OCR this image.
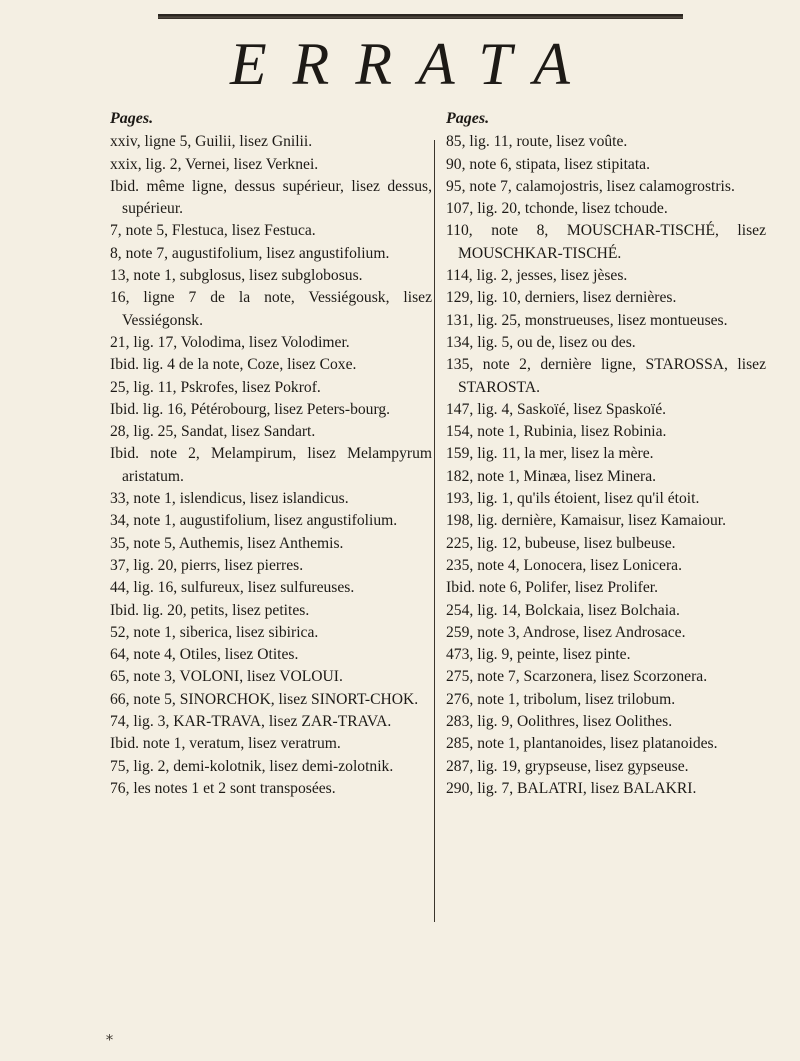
ERRATA
Pages.
xxiv, ligne 5, Guilii, lisez Gnilii.
xxix, lig. 2, Vernei, lisez Verknei.
Ibid. même ligne, dessus supérieur, lisez dessus, supérieur.
7, note 5, Flestuca, lisez Festuca.
8, note 7, augustifolium, lisez angustifolium.
13, note 1, subglosus, lisez subglobosus.
16, ligne 7 de la note, Vessiégousk, lisez Vessiégonsk.
21, lig. 17, Volodima, lisez Volodimer.
Ibid. lig. 4 de la note, Coze, lisez Coxe.
25, lig. 11, Pskrofes, lisez Pokrof.
Ibid. lig. 16, Pétérobourg, lisez Peters-bourg.
28, lig. 25, Sandat, lisez Sandart.
Ibid. note 2, Melampirum, lisez Melampyrum aristatum.
33, note 1, islendicus, lisez islandicus.
34, note 1, augustifolium, lisez angustifolium.
35, note 5, Authemis, lisez Anthemis.
37, lig. 20, pierrs, lisez pierres.
44, lig. 16, sulfureux, lisez sulfureuses.
Ibid. lig. 20, petits, lisez petites.
52, note 1, siberica, lisez sibirica.
64, note 4, Otiles, lisez Otites.
65, note 3, VOLONI, lisez VOLOUI.
66, note 5, SINORCHOK, lisez SINORT-CHOK.
74, lig. 3, KAR-TRAVA, lisez ZAR-TRAVA.
Ibid. note 1, veratum, lisez veratrum.
75, lig. 2, demi-kolotnik, lisez demi-zolotnik.
76, les notes 1 et 2 sont transposées.
Pages.
85, lig. 11, route, lisez voûte.
90, note 6, stipata, lisez stipitata.
95, note 7, calamojostris, lisez calamogrostris.
107, lig. 20, tchonde, lisez tchoude.
110, note 8, MOUSCHAR-TISCHÉ, lisez MOUSCHKAR-TISCHÉ.
114, lig. 2, jesses, lisez jèses.
129, lig. 10, derniers, lisez dernières.
131, lig. 25, monstrueuses, lisez montueuses.
134, lig. 5, ou de, lisez ou des.
135, note 2, dernière ligne, STAROSSA, lisez STAROSTA.
147, lig. 4, Saskoïé, lisez Spaskoïé.
154, note 1, Rubinia, lisez Robinia.
159, lig. 11, la mer, lisez la mère.
182, note 1, Minæa, lisez Minera.
193, lig. 1, qu'ils étoient, lisez qu'il étoit.
198, lig. dernière, Kamaisur, lisez Kamaiour.
225, lig. 12, bubeuse, lisez bulbeuse.
235, note 4, Lonocera, lisez Lonicera.
Ibid. note 6, Polifer, lisez Prolifer.
254, lig. 14, Bolckaia, lisez Bolchaia.
259, note 3, Androse, lisez Androsace.
473, lig. 9, peinte, lisez pinte.
275, note 7, Scarzonera, lisez Scorzonera.
276, note 1, tribolum, lisez trilobum.
283, lig. 9, Oolithres, lisez Oolithes.
285, note 1, plantanoides, lisez platanoides.
287, lig. 19, grypseuse, lisez gypseuse.
290, lig. 7, BALATRI, lisez BALAKRI.
⁎
